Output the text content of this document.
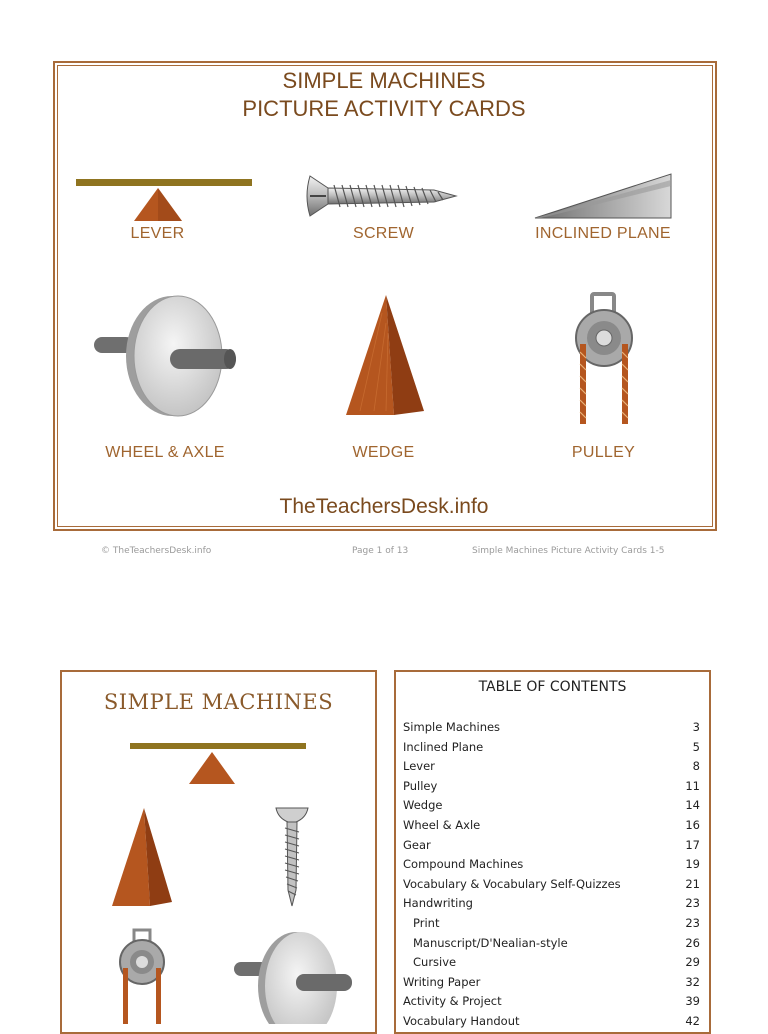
SIMPLE MACHINES
PICTURE ACTIVITY CARDS
LEVER	SCREW	INCLINED PLANE
WHEEL & AXLE	WEDGE	PULLEY
TheTeachersDesk.info
© TheTeachersDesk.info	Page 1 of 13	Simple Machines Picture Activity Cards 1-5
SIMPLE MACHINES
TABLE OF CONTENTS
Simple Machines	3
Inclined Plane	5
Lever	8
Pulley	11
Wedge	14
Wheel & Axle	16
Gear	17
Compound Machines	19
Vocabulary & Vocabulary Self-Quizzes	21
Handwriting	23
Print	23
Manuscript/D'Nealian-style	26
Cursive	29
Writing Paper	32
Activity & Project	39
Vocabulary Handout	42
